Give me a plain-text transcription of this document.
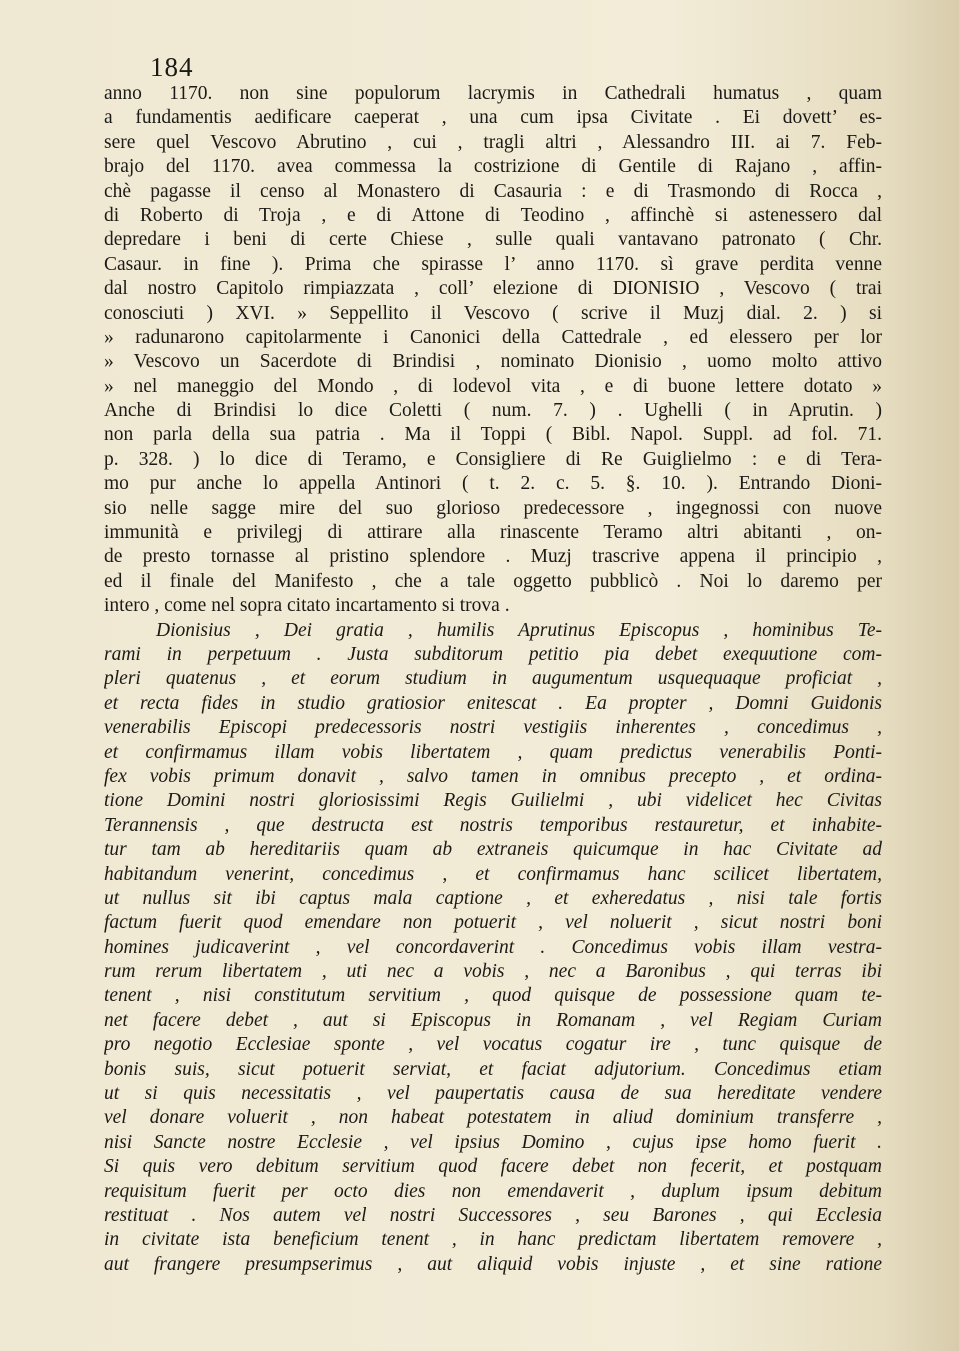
184
anno 1170. non sine populorum lacrymis in Cathedrali humatus , quam
a fundamentis aedificare caeperat , una cum ipsa Civitate . Ei dovett’ es-
sere quel Vescovo Abrutino , cui , tragli altri , Alessandro III. ai 7. Feb-
brajo del 1170. avea commessa la costrizione di Gentile di Rajano , affin-
chè pagasse il censo al Monastero di Casauria : e di Trasmondo di Rocca ,
di Roberto di Troja , e di Attone di Teodino , affinchè si astenessero dal
depredare i beni di certe Chiese , sulle quali vantavano patronato ( Chr.
Casaur. in fine ). Prima che spirasse l’ anno 1170. sì grave perdita venne
dal nostro Capitolo rimpiazzata , coll’ elezione di DIONISIO , Vescovo ( trai
conosciuti ) XVI. » Seppellito il Vescovo ( scrive il Muzj dial. 2. ) si
» radunarono capitolarmente i Canonici della Cattedrale , ed elessero per lor
» Vescovo un Sacerdote di Brindisi , nominato Dionisio , uomo molto attivo
» nel maneggio del Mondo , di lodevol vita , e di buone lettere dotato »
Anche di Brindisi lo dice Coletti ( num. 7. ) . Ughelli ( in Aprutin. )
non parla della sua patria . Ma il Toppi ( Bibl. Napol. Suppl. ad fol. 71.
p. 328. ) lo dice di Teramo, e Consigliere di Re Guiglielmo : e di Tera-
mo pur anche lo appella Antinori ( t. 2. c. 5. §. 10. ). Entrando Dioni-
sio nelle sagge mire del suo glorioso predecessore , ingegnossi con nuove
immunità e privilegj di attirare alla rinascente Teramo altri abitanti , on-
de presto tornasse al pristino splendore . Muzj trascrive appena il principio ,
ed il finale del Manifesto , che a tale oggetto pubblicò . Noi lo daremo per
intero , come nel sopra citato incartamento si trova .
Dionisius , Dei gratia , humilis Aprutinus Episcopus , hominibus Te-
rami in perpetuum . Justa subditorum petitio pia debet exequutione com-
pleri quatenus , et eorum studium in augumentum usquequaque proficiat ,
et recta fides in studio gratiosior enitescat . Ea propter , Domni Guidonis
venerabilis Episcopi predecessoris nostri vestigiis inherentes , concedimus ,
et confirmamus illam vobis libertatem , quam predictus venerabilis Ponti-
fex vobis primum donavit , salvo tamen in omnibus precepto , et ordina-
tione Domini nostri gloriosissimi Regis Guilielmi , ubi videlicet hec Civitas
Terannensis , que destructa est nostris temporibus restauretur, et inhabite-
tur tam ab hereditariis quam ab extraneis quicumque in hac Civitate ad
habitandum venerint, concedimus , et confirmamus hanc scilicet libertatem,
ut nullus sit ibi captus mala captione , et exheredatus , nisi tale fortis
factum fuerit quod emendare non potuerit , vel noluerit , sicut nostri boni
homines judicaverint , vel concordaverint . Concedimus vobis illam vestra-
rum rerum libertatem , uti nec a vobis , nec a Baronibus , qui terras ibi
tenent , nisi constitutum servitium , quod quisque de possessione quam te-
net facere debet , aut si Episcopus in Romanam , vel Regiam Curiam
pro negotio Ecclesiae sponte , vel vocatus cogatur ire , tunc quisque de
bonis suis, sicut potuerit serviat, et faciat adjutorium. Concedimus etiam
ut si quis necessitatis , vel paupertatis causa de sua hereditate vendere
vel donare voluerit , non habeat potestatem in aliud dominium transferre ,
nisi Sancte nostre Ecclesie , vel ipsius Domino , cujus ipse homo fuerit .
Si quis vero debitum servitium quod facere debet non fecerit, et postquam
requisitum fuerit per octo dies non emendaverit , duplum ipsum debitum
restituat . Nos autem vel nostri Successores , seu Barones , qui Ecclesia
in civitate ista beneficium tenent , in hanc predictam libertatem removere ,
aut frangere presumpserimus , aut aliquid vobis injuste , et sine ratione
